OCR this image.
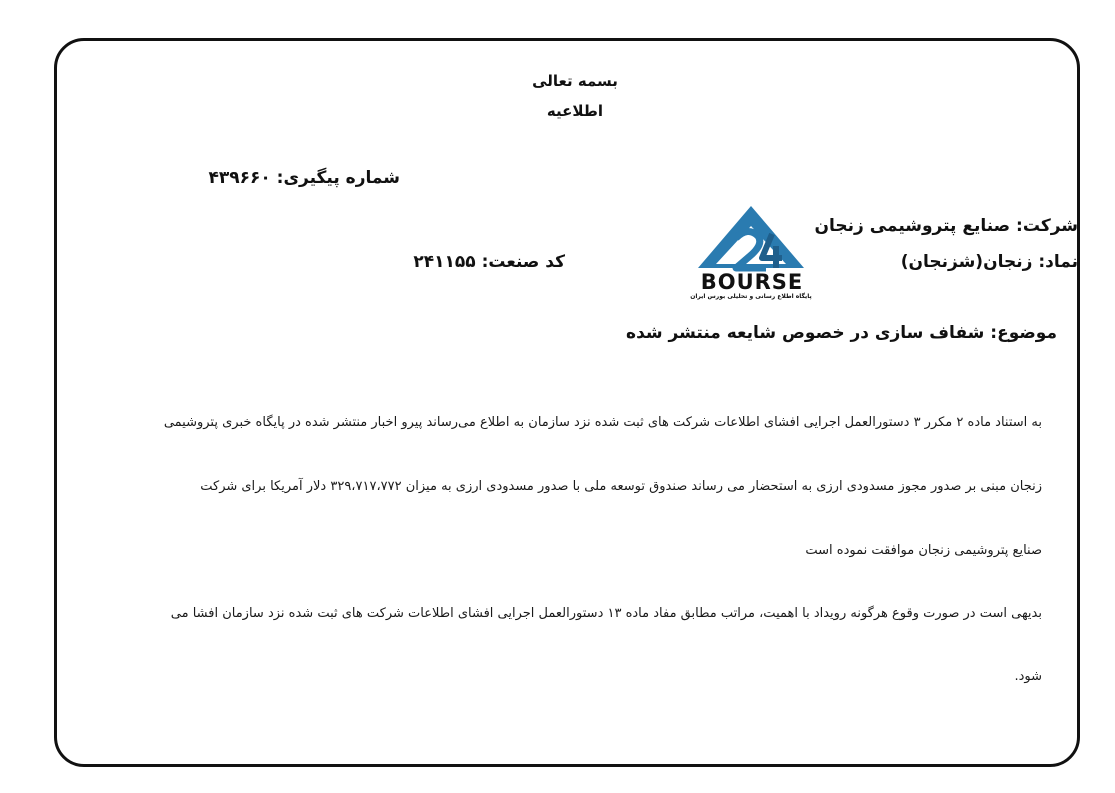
بسمه تعالی
اطلاعیه
شماره پیگیری: ۴۳۹۶۶۰
شرکت: صنایع پتروشیمی زنجان
نماد: زنجان(شزنجان)
کد صنعت: ۲۴۱۱۵۵
BOURSE
پایگاه اطلاع رسانی و تحلیلی بورس ایران
موضوع: شفاف سازی در خصوص شایعه منتشر شده
به استناد ماده ۲ مکرر ۳ دستورالعمل اجرایی افشای اطلاعات شرکت های ثبت شده نزد سازمان به اطلاع می‌رساند پیرو اخبار منتشر شده در پایگاه خبری پتروشیمی
زنجان مبنی بر صدور مجوز مسدودی ارزی به استحضار می رساند صندوق توسعه ملی با صدور مسدودی ارزی به میزان ۳۲۹،۷۱۷،۷۷۲ دلار آمریکا برای شرکت
صنایع پتروشیمی زنجان موافقت نموده است
بدیهی است در صورت وقوع هرگونه رویداد با اهمیت، مراتب مطابق مفاد ماده ۱۳ دستورالعمل اجرایی افشای اطلاعات شرکت های ثبت شده نزد سازمان افشا می
شود.
